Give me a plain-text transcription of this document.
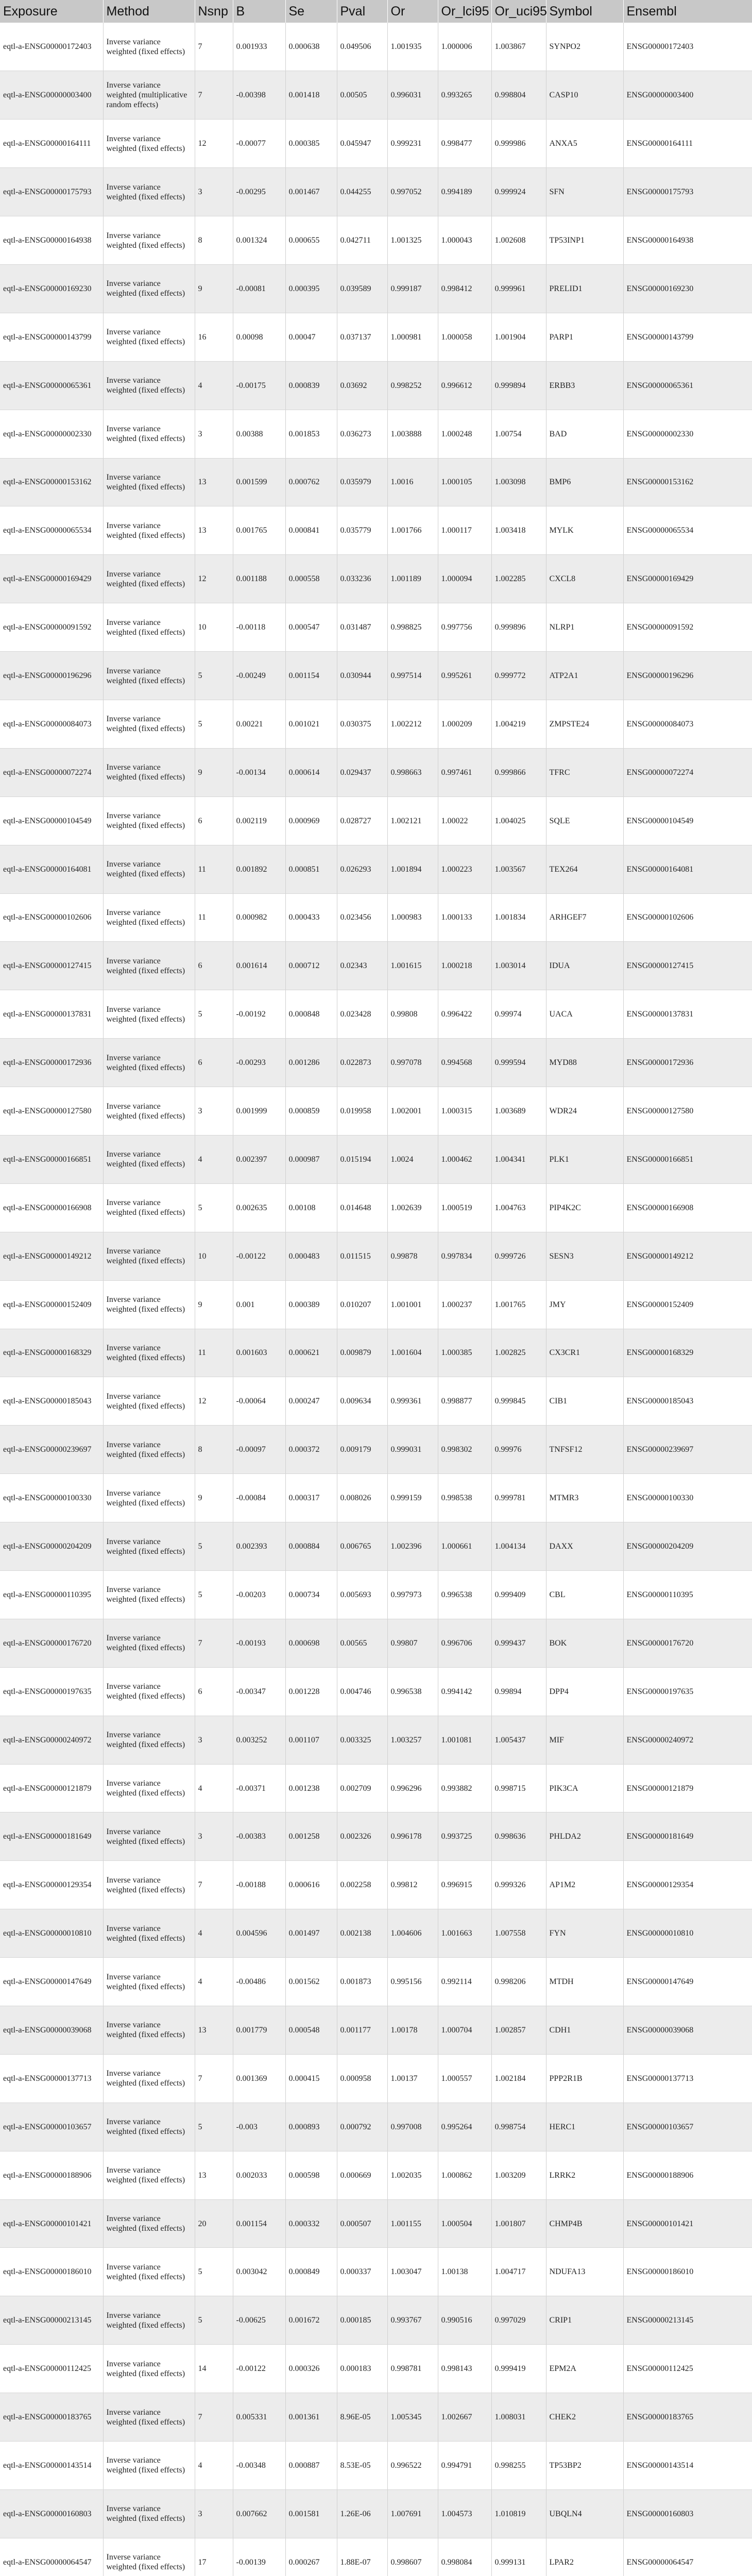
Exposure	Method	Nsnp	B	Se	Pval	Or	Or_lci95	Or_uci95	Symbol	Ensembl
eqtl-a-ENSG00000172403	Inverse variance weighted (fixed effects)	7	0.001933	0.000638	0.049506	1.001935	1.000006	1.003867	SYNPO2	ENSG00000172403
eqtl-a-ENSG00000003400	Inverse variance weighted (multiplicative random effects)	7	-0.00398	0.001418	0.00505	0.996031	0.993265	0.998804	CASP10	ENSG00000003400
eqtl-a-ENSG00000164111	Inverse variance weighted (fixed effects)	12	-0.00077	0.000385	0.045947	0.999231	0.998477	0.999986	ANXA5	ENSG00000164111
eqtl-a-ENSG00000175793	Inverse variance weighted (fixed effects)	3	-0.00295	0.001467	0.044255	0.997052	0.994189	0.999924	SFN	ENSG00000175793
eqtl-a-ENSG00000164938	Inverse variance weighted (fixed effects)	8	0.001324	0.000655	0.042711	1.001325	1.000043	1.002608	TP53INP1	ENSG00000164938
eqtl-a-ENSG00000169230	Inverse variance weighted (fixed effects)	9	-0.00081	0.000395	0.039589	0.999187	0.998412	0.999961	PRELID1	ENSG00000169230
eqtl-a-ENSG00000143799	Inverse variance weighted (fixed effects)	16	0.00098	0.00047	0.037137	1.000981	1.000058	1.001904	PARP1	ENSG00000143799
eqtl-a-ENSG00000065361	Inverse variance weighted (fixed effects)	4	-0.00175	0.000839	0.03692	0.998252	0.996612	0.999894	ERBB3	ENSG00000065361
eqtl-a-ENSG00000002330	Inverse variance weighted (fixed effects)	3	0.00388	0.001853	0.036273	1.003888	1.000248	1.00754	BAD	ENSG00000002330
eqtl-a-ENSG00000153162	Inverse variance weighted (fixed effects)	13	0.001599	0.000762	0.035979	1.0016	1.000105	1.003098	BMP6	ENSG00000153162
eqtl-a-ENSG00000065534	Inverse variance weighted (fixed effects)	13	0.001765	0.000841	0.035779	1.001766	1.000117	1.003418	MYLK	ENSG00000065534
eqtl-a-ENSG00000169429	Inverse variance weighted (fixed effects)	12	0.001188	0.000558	0.033236	1.001189	1.000094	1.002285	CXCL8	ENSG00000169429
eqtl-a-ENSG00000091592	Inverse variance weighted (fixed effects)	10	-0.00118	0.000547	0.031487	0.998825	0.997756	0.999896	NLRP1	ENSG00000091592
eqtl-a-ENSG00000196296	Inverse variance weighted (fixed effects)	5	-0.00249	0.001154	0.030944	0.997514	0.995261	0.999772	ATP2A1	ENSG00000196296
eqtl-a-ENSG00000084073	Inverse variance weighted (fixed effects)	5	0.00221	0.001021	0.030375	1.002212	1.000209	1.004219	ZMPSTE24	ENSG00000084073
eqtl-a-ENSG00000072274	Inverse variance weighted (fixed effects)	9	-0.00134	0.000614	0.029437	0.998663	0.997461	0.999866	TFRC	ENSG00000072274
eqtl-a-ENSG00000104549	Inverse variance weighted (fixed effects)	6	0.002119	0.000969	0.028727	1.002121	1.00022	1.004025	SQLE	ENSG00000104549
eqtl-a-ENSG00000164081	Inverse variance weighted (fixed effects)	11	0.001892	0.000851	0.026293	1.001894	1.000223	1.003567	TEX264	ENSG00000164081
eqtl-a-ENSG00000102606	Inverse variance weighted (fixed effects)	11	0.000982	0.000433	0.023456	1.000983	1.000133	1.001834	ARHGEF7	ENSG00000102606
eqtl-a-ENSG00000127415	Inverse variance weighted (fixed effects)	6	0.001614	0.000712	0.02343	1.001615	1.000218	1.003014	IDUA	ENSG00000127415
eqtl-a-ENSG00000137831	Inverse variance weighted (fixed effects)	5	-0.00192	0.000848	0.023428	0.99808	0.996422	0.99974	UACA	ENSG00000137831
eqtl-a-ENSG00000172936	Inverse variance weighted (fixed effects)	6	-0.00293	0.001286	0.022873	0.997078	0.994568	0.999594	MYD88	ENSG00000172936
eqtl-a-ENSG00000127580	Inverse variance weighted (fixed effects)	3	0.001999	0.000859	0.019958	1.002001	1.000315	1.003689	WDR24	ENSG00000127580
eqtl-a-ENSG00000166851	Inverse variance weighted (fixed effects)	4	0.002397	0.000987	0.015194	1.0024	1.000462	1.004341	PLK1	ENSG00000166851
eqtl-a-ENSG00000166908	Inverse variance weighted (fixed effects)	5	0.002635	0.00108	0.014648	1.002639	1.000519	1.004763	PIP4K2C	ENSG00000166908
eqtl-a-ENSG00000149212	Inverse variance weighted (fixed effects)	10	-0.00122	0.000483	0.011515	0.99878	0.997834	0.999726	SESN3	ENSG00000149212
eqtl-a-ENSG00000152409	Inverse variance weighted (fixed effects)	9	0.001	0.000389	0.010207	1.001001	1.000237	1.001765	JMY	ENSG00000152409
eqtl-a-ENSG00000168329	Inverse variance weighted (fixed effects)	11	0.001603	0.000621	0.009879	1.001604	1.000385	1.002825	CX3CR1	ENSG00000168329
eqtl-a-ENSG00000185043	Inverse variance weighted (fixed effects)	12	-0.00064	0.000247	0.009634	0.999361	0.998877	0.999845	CIB1	ENSG00000185043
eqtl-a-ENSG00000239697	Inverse variance weighted (fixed effects)	8	-0.00097	0.000372	0.009179	0.999031	0.998302	0.99976	TNFSF12	ENSG00000239697
eqtl-a-ENSG00000100330	Inverse variance weighted (fixed effects)	9	-0.00084	0.000317	0.008026	0.999159	0.998538	0.999781	MTMR3	ENSG00000100330
eqtl-a-ENSG00000204209	Inverse variance weighted (fixed effects)	5	0.002393	0.000884	0.006765	1.002396	1.000661	1.004134	DAXX	ENSG00000204209
eqtl-a-ENSG00000110395	Inverse variance weighted (fixed effects)	5	-0.00203	0.000734	0.005693	0.997973	0.996538	0.999409	CBL	ENSG00000110395
eqtl-a-ENSG00000176720	Inverse variance weighted (fixed effects)	7	-0.00193	0.000698	0.00565	0.99807	0.996706	0.999437	BOK	ENSG00000176720
eqtl-a-ENSG00000197635	Inverse variance weighted (fixed effects)	6	-0.00347	0.001228	0.004746	0.996538	0.994142	0.99894	DPP4	ENSG00000197635
eqtl-a-ENSG00000240972	Inverse variance weighted (fixed effects)	3	0.003252	0.001107	0.003325	1.003257	1.001081	1.005437	MIF	ENSG00000240972
eqtl-a-ENSG00000121879	Inverse variance weighted (fixed effects)	4	-0.00371	0.001238	0.002709	0.996296	0.993882	0.998715	PIK3CA	ENSG00000121879
eqtl-a-ENSG00000181649	Inverse variance weighted (fixed effects)	3	-0.00383	0.001258	0.002326	0.996178	0.993725	0.998636	PHLDA2	ENSG00000181649
eqtl-a-ENSG00000129354	Inverse variance weighted (fixed effects)	7	-0.00188	0.000616	0.002258	0.99812	0.996915	0.999326	AP1M2	ENSG00000129354
eqtl-a-ENSG00000010810	Inverse variance weighted (fixed effects)	4	0.004596	0.001497	0.002138	1.004606	1.001663	1.007558	FYN	ENSG00000010810
eqtl-a-ENSG00000147649	Inverse variance weighted (fixed effects)	4	-0.00486	0.001562	0.001873	0.995156	0.992114	0.998206	MTDH	ENSG00000147649
eqtl-a-ENSG00000039068	Inverse variance weighted (fixed effects)	13	0.001779	0.000548	0.001177	1.00178	1.000704	1.002857	CDH1	ENSG00000039068
eqtl-a-ENSG00000137713	Inverse variance weighted (fixed effects)	7	0.001369	0.000415	0.000958	1.00137	1.000557	1.002184	PPP2R1B	ENSG00000137713
eqtl-a-ENSG00000103657	Inverse variance weighted (fixed effects)	5	-0.003	0.000893	0.000792	0.997008	0.995264	0.998754	HERC1	ENSG00000103657
eqtl-a-ENSG00000188906	Inverse variance weighted (fixed effects)	13	0.002033	0.000598	0.000669	1.002035	1.000862	1.003209	LRRK2	ENSG00000188906
eqtl-a-ENSG00000101421	Inverse variance weighted (fixed effects)	20	0.001154	0.000332	0.000507	1.001155	1.000504	1.001807	CHMP4B	ENSG00000101421
eqtl-a-ENSG00000186010	Inverse variance weighted (fixed effects)	5	0.003042	0.000849	0.000337	1.003047	1.00138	1.004717	NDUFA13	ENSG00000186010
eqtl-a-ENSG00000213145	Inverse variance weighted (fixed effects)	5	-0.00625	0.001672	0.000185	0.993767	0.990516	0.997029	CRIP1	ENSG00000213145
eqtl-a-ENSG00000112425	Inverse variance weighted (fixed effects)	14	-0.00122	0.000326	0.000183	0.998781	0.998143	0.999419	EPM2A	ENSG00000112425
eqtl-a-ENSG00000183765	Inverse variance weighted (fixed effects)	7	0.005331	0.001361	8.96E-05	1.005345	1.002667	1.008031	CHEK2	ENSG00000183765
eqtl-a-ENSG00000143514	Inverse variance weighted (fixed effects)	4	-0.00348	0.000887	8.53E-05	0.996522	0.994791	0.998255	TP53BP2	ENSG00000143514
eqtl-a-ENSG00000160803	Inverse variance weighted (fixed effects)	3	0.007662	0.001581	1.26E-06	1.007691	1.004573	1.010819	UBQLN4	ENSG00000160803
eqtl-a-ENSG00000064547	Inverse variance weighted (fixed effects)	17	-0.00139	0.000267	1.88E-07	0.998607	0.998084	0.999131	LPAR2	ENSG00000064547
